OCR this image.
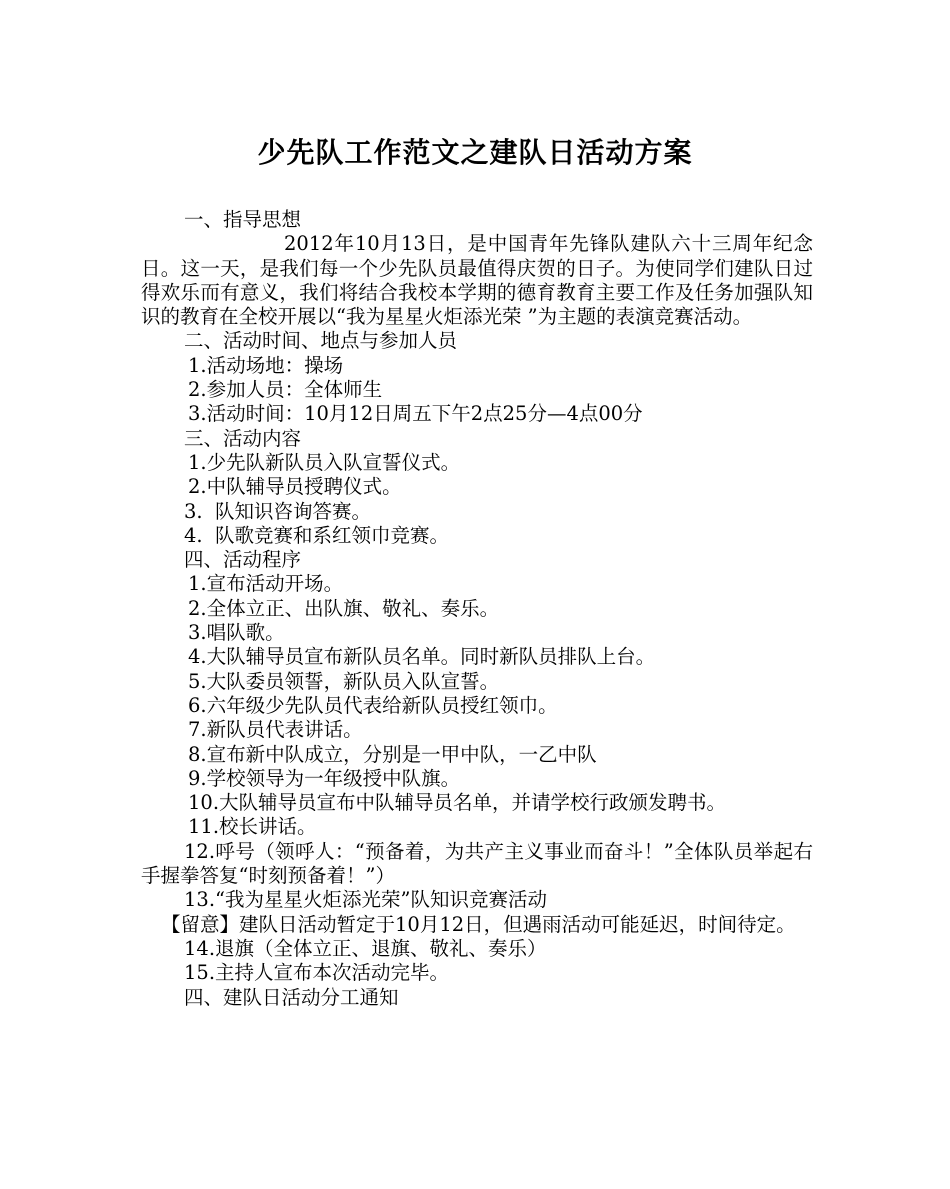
少先队工作范文之建队日活动方案

一、指导思想

2012年10月13日，是中国青年先锋队建队六十三周年纪念日。这一天，是我们每一个少先队员最值得庆贺的日子。为使同学们建队日过得欢乐而有意义，我们将结合我校本学期的德育教育主要工作及任务加强队知识的教育在全校开展以“我为星星火炬添光荣 ”为主题的表演竞赛活动。

二、活动时间、地点与参加人员

1.活动场地：操场

2.参加人员：全体师生

3.活动时间：10月12日周五下午2点25分—4点00分

三、活动内容

1.少先队新队员入队宣誓仪式。

2.中队辅导员授聘仪式。

3.  队知识咨询答赛。

4.  队歌竞赛和系红领巾竞赛。

四、活动程序

1.宣布活动开场。

2.全体立正、出队旗、敬礼、奏乐。

3.唱队歌。

4.大队辅导员宣布新队员名单。同时新队员排队上台。

5.大队委员领誓，新队员入队宣誓。

6.六年级少先队员代表给新队员授红领巾。

7.新队员代表讲话。

8.宣布新中队成立，分别是一甲中队，一乙中队

9.学校领导为一年级授中队旗。

10.大队辅导员宣布中队辅导员名单，并请学校行政颁发聘书。

11.校长讲话。

12.呼号（领呼人：“预备着，为共产主义事业而奋斗！”全体队员举起右手握拳答复“时刻预备着！”）

13.“我为星星火炬添光荣”队知识竞赛活动

【留意】建队日活动暂定于10月12日，但遇雨活动可能延迟，时间待定。

14.退旗（全体立正、退旗、敬礼、奏乐）

15.主持人宣布本次活动完毕。

四、建队日活动分工通知
